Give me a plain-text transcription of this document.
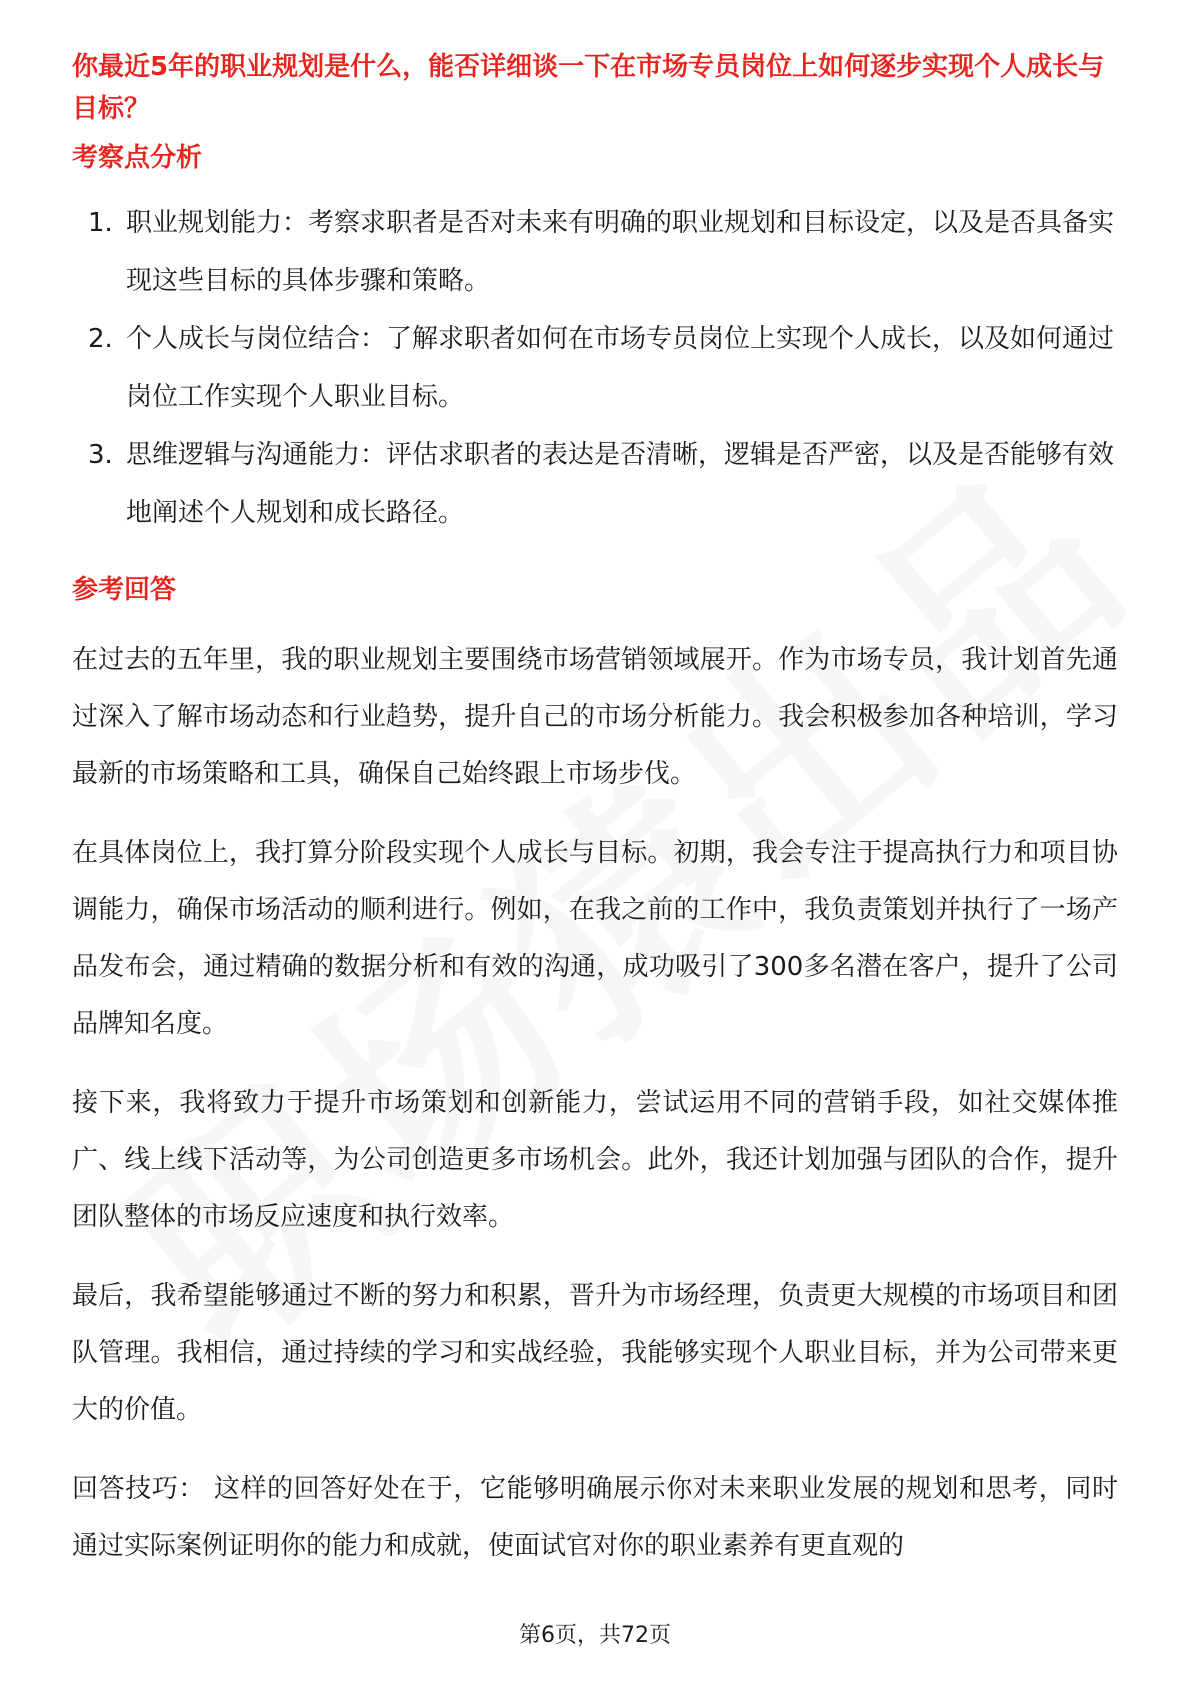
你最近5年的职业规划是什么，能否详细谈一下在市场专员岗位上如何逐步实现个人成长与目标？
考察点分析
1. 职业规划能力：考察求职者是否对未来有明确的职业规划和目标设定，以及是否具备实现这些目标的具体步骤和策略。
2. 个人成长与岗位结合：了解求职者如何在市场专员岗位上实现个人成长，以及如何通过岗位工作实现个人职业目标。
3. 思维逻辑与沟通能力：评估求职者的表达是否清晰，逻辑是否严密，以及是否能够有效地阐述个人规划和成长路径。
参考回答

在过去的五年里，我的职业规划主要围绕市场营销领域展开。作为市场专员，我计划首先通过深入了解市场动态和行业趋势，提升自己的市场分析能力。我会积极参加各种培训，学习最新的市场策略和工具，确保自己始终跟上市场步伐。

在具体岗位上，我打算分阶段实现个人成长与目标。初期，我会专注于提高执行力和项目协调能力，确保市场活动的顺利进行。例如，在我之前的工作中，我负责策划并执行了一场产品发布会，通过精确的数据分析和有效的沟通，成功吸引了300多名潜在客户，提升了公司品牌知名度。

接下来，我将致力于提升市场策划和创新能力，尝试运用不同的营销手段，如社交媒体推广、线上线下活动等，为公司创造更多市场机会。此外，我还计划加强与团队的合作，提升团队整体的市场反应速度和执行效率。

最后，我希望能够通过不断的努力和积累，晋升为市场经理，负责更大规模的市场项目和团队管理。我相信，通过持续的学习和实战经验，我能够实现个人职业目标，并为公司带来更大的价值。

回答技巧： 这样的回答好处在于，它能够明确展示你对未来职业发展的规划和思考，同时通过实际案例证明你的能力和成就，使面试官对你的职业素养有更直观的

第6页，共72页
